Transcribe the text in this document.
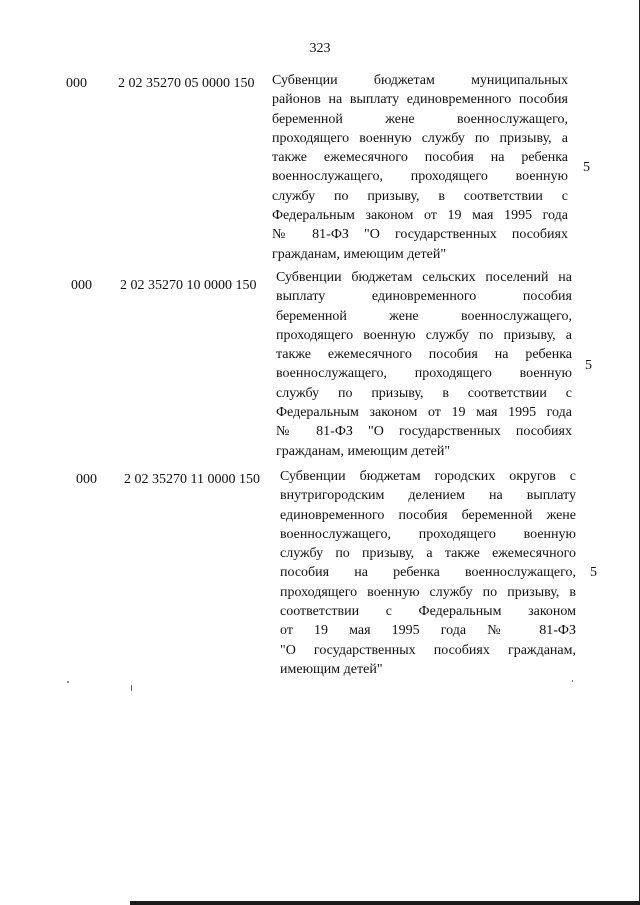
323
000 2 02 35270 05 0000 150 Субвенции бюджетам муниципальных
районов на выплату единовременного пособия
беременной жене военнослужащего,
проходящего военную службу по призыву, а
также ежемесячного пособия на ребенка
военнослужащего, проходящего военную
службу по призыву, в соответствии с
Федеральным законом от 19 мая 1995 года
№ 81-ФЗ "О государственных пособиях
гражданам, имеющим детей"
5
000 2 02 35270 10 0000 150
Субвенции бюджетам сельских поселений на
выплату единовременного пособия
беременной жене военнослужащего,
проходящего военную службу по призыву, а
также ежемесячного пособия на ребенка
военнослужащего, проходящего военную
службу по призыву, в соответствии с
Федеральным законом от 19 мая 1995 года
№ 81-ФЗ "О государственных пособиях
гражданам, имеющим детей"
5
000 2 02 35270 11 0000 150 Субвенции бюджетам городских округов с
внутригородским делением на выплату
единовременного пособия беременной жене
военнослужащего, проходящего военную
службу по призыву, а также ежемесячного
пособия на ребенка военнослужащего,
проходящего военную службу по призыву, в
соответствии с Федеральным законом
от 19 мая 1995 года № 81-ФЗ
"О государственных пособиях гражданам,
имеющим детей"
5
